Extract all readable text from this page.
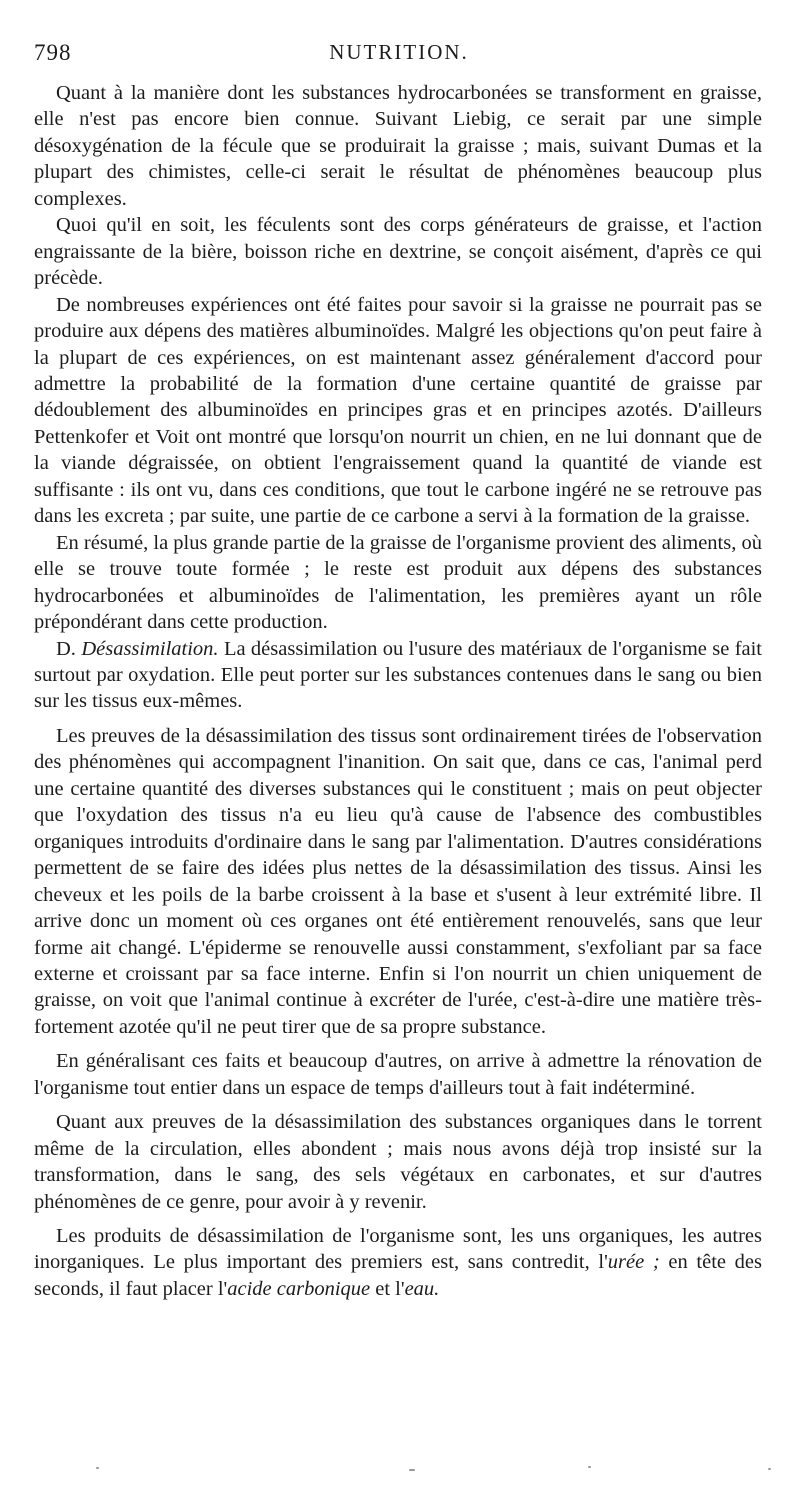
798	NUTRITION.

Quant à la manière dont les substances hydrocarbonées se transforment en graisse, elle n'est pas encore bien connue. Suivant Liebig, ce serait par une simple désoxygénation de la fécule que se produirait la graisse ; mais, suivant Dumas et la plupart des chimistes, celle-ci serait le résultat de phénomènes beaucoup plus complexes.

Quoi qu'il en soit, les féculents sont des corps générateurs de graisse, et l'action engraissante de la bière, boisson riche en dextrine, se conçoit aisément, d'après ce qui précède.

De nombreuses expériences ont été faites pour savoir si la graisse ne pourrait pas se produire aux dépens des matières albuminoïdes. Malgré les objections qu'on peut faire à la plupart de ces expériences, on est maintenant assez généralement d'accord pour admettre la probabilité de la formation d'une certaine quantité de graisse par dédoublement des albuminoïdes en principes gras et en principes azotés. D'ailleurs Pettenkofer et Voit ont montré que lorsqu'on nourrit un chien, en ne lui donnant que de la viande dégraissée, on obtient l'engraissement quand la quantité de viande est suffisante : ils ont vu, dans ces conditions, que tout le carbone ingéré ne se retrouve pas dans les excreta ; par suite, une partie de ce carbone a servi à la formation de la graisse.

En résumé, la plus grande partie de la graisse de l'organisme provient des aliments, où elle se trouve toute formée ; le reste est produit aux dépens des substances hydrocarbonées et albuminoïdes de l'alimentation, les premières ayant un rôle prépondérant dans cette production.

D. Désassimilation. La désassimilation ou l'usure des matériaux de l'organisme se fait surtout par oxydation. Elle peut porter sur les substances contenues dans le sang ou bien sur les tissus eux-mêmes.

Les preuves de la désassimilation des tissus sont ordinairement tirées de l'observation des phénomènes qui accompagnent l'inanition. On sait que, dans ce cas, l'animal perd une certaine quantité des diverses substances qui le constituent ; mais on peut objecter que l'oxydation des tissus n'a eu lieu qu'à cause de l'absence des combustibles organiques introduits d'ordinaire dans le sang par l'alimentation. D'autres considérations permettent de se faire des idées plus nettes de la désassimilation des tissus. Ainsi les cheveux et les poils de la barbe croissent à la base et s'usent à leur extrémité libre. Il arrive donc un moment où ces organes ont été entièrement renouvelés, sans que leur forme ait changé. L'épiderme se renouvelle aussi constamment, s'exfoliant par sa face externe et croissant par sa face interne. Enfin si l'on nourrit un chien uniquement de graisse, on voit que l'animal continue à excréter de l'urée, c'est-à-dire une matière très-fortement azotée qu'il ne peut tirer que de sa propre substance.

En généralisant ces faits et beaucoup d'autres, on arrive à admettre la rénovation de l'organisme tout entier dans un espace de temps d'ailleurs tout à fait indéterminé.

Quant aux preuves de la désassimilation des substances organiques dans le torrent même de la circulation, elles abondent ; mais nous avons déjà trop insisté sur la transformation, dans le sang, des sels végétaux en carbonates, et sur d'autres phénomènes de ce genre, pour avoir à y revenir.

Les produits de désassimilation de l'organisme sont, les uns organiques, les autres inorganiques. Le plus important des premiers est, sans contredit, l'urée ; en tête des seconds, il faut placer l'acide carbonique et l'eau.
